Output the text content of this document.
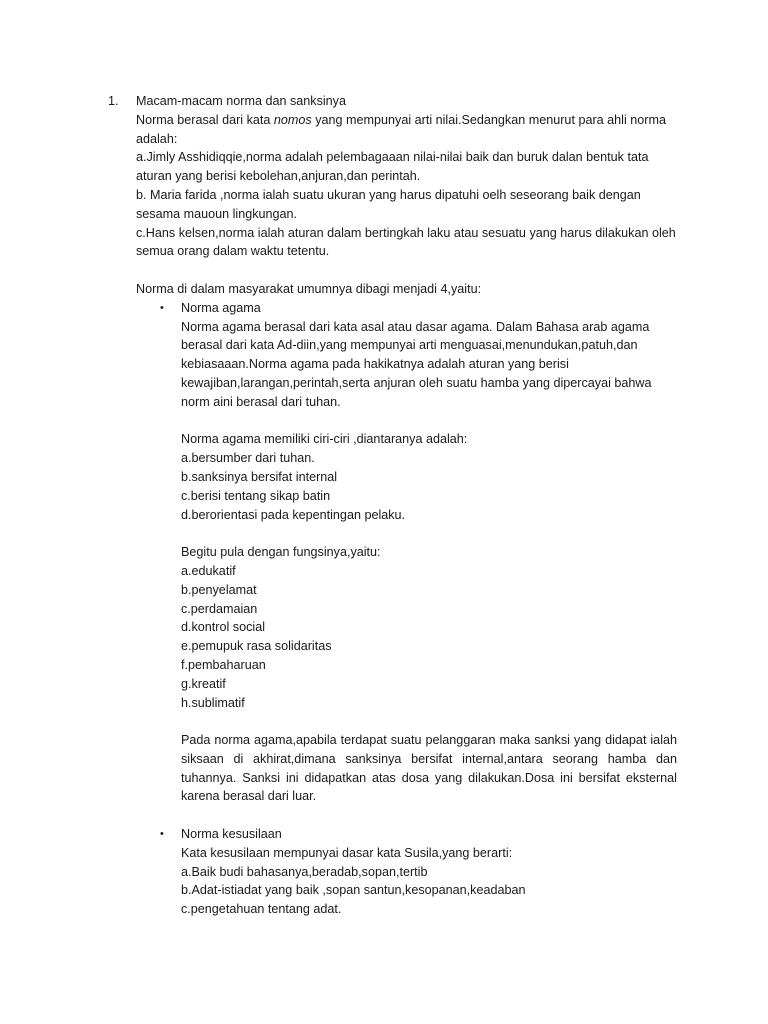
1. Macam-macam norma dan sanksinya
Norma berasal dari kata nomos yang mempunyai arti nilai.Sedangkan menurut para ahli norma
adalah:
a.Jimly Asshidiqqie,norma adalah pelembagaaan nilai-nilai baik dan buruk dalan bentuk tata
aturan yang berisi kebolehan,anjuran,dan perintah.
b. Maria farida ,norma ialah suatu ukuran yang harus dipatuhi oelh seseorang baik dengan
sesama mauoun lingkungan.
c.Hans kelsen,norma ialah aturan dalam bertingkah laku atau sesuatu yang harus dilakukan oleh
semua orang dalam waktu tetentu.
Norma di dalam masyarakat umumnya dibagi menjadi 4,yaitu:
• Norma agama
Norma agama berasal dari kata asal atau dasar agama. Dalam Bahasa arab agama
berasal dari kata Ad-diin,yang mempunyai arti menguasai,menundukan,patuh,dan
kebiasaaan.Norma agama pada hakikatnya adalah aturan yang berisi
kewajiban,larangan,perintah,serta anjuran oleh suatu hamba yang dipercayai bahwa
norm aini berasal dari tuhan.
Norma agama memiliki ciri-ciri ,diantaranya adalah:
a.bersumber dari tuhan.
b.sanksinya bersifat internal
c.berisi tentang sikap batin
d.berorientasi pada kepentingan pelaku.
Begitu pula dengan fungsinya,yaitu:
a.edukatif
b.penyelamat
c.perdamaian
d.kontrol social
e.pemupuk rasa solidaritas
f.pembaharuan
g.kreatif
h.sublimatif
Pada norma agama,apabila terdapat suatu pelanggaran maka sanksi yang didapat ialah
siksaan di akhirat,dimana sanksinya bersifat internal,antara seorang hamba dan
tuhannya. Sanksi ini didapatkan atas dosa yang dilakukan.Dosa ini bersifat eksternal
karena berasal dari luar.
• Norma kesusilaan
Kata kesusilaan mempunyai dasar kata Susila,yang berarti:
a.Baik budi bahasanya,beradab,sopan,tertib
b.Adat-istiadat yang baik ,sopan santun,kesopanan,keadaban
c.pengetahuan tentang adat.
